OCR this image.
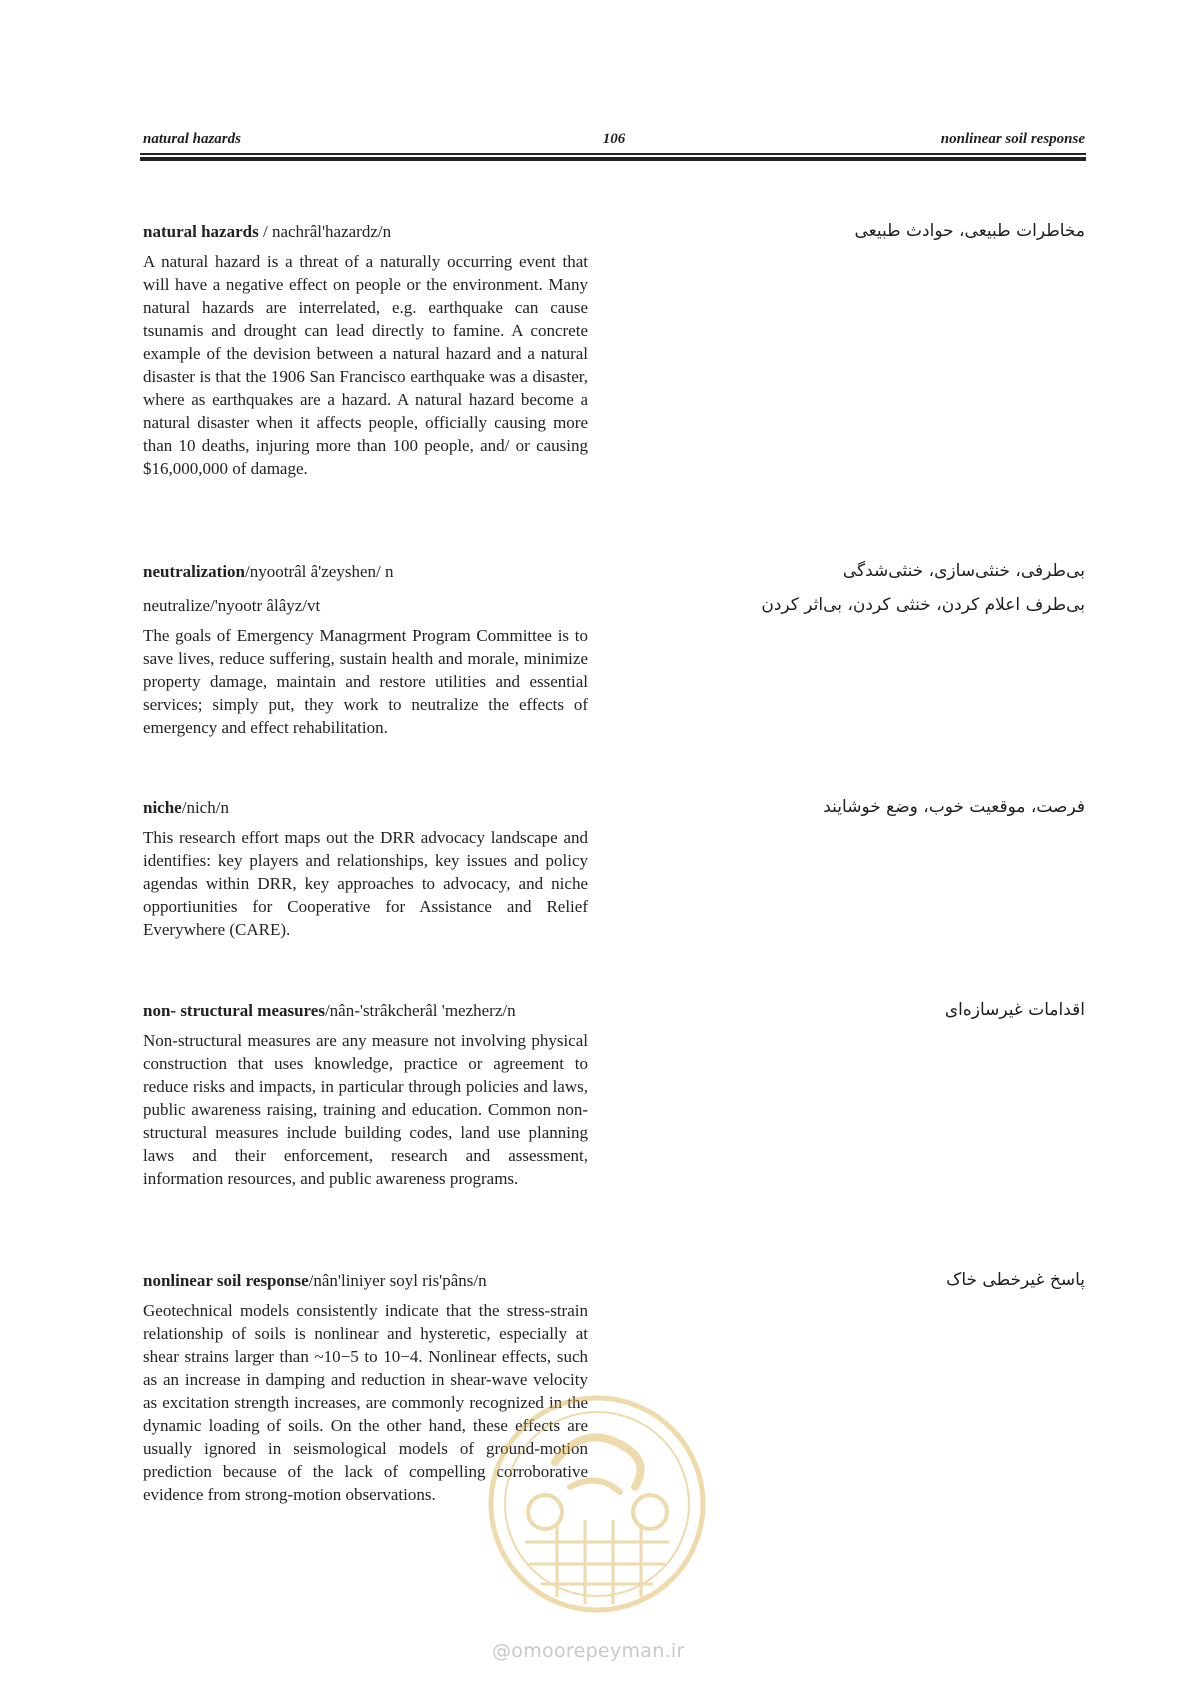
natural hazards	106	nonlinear soil response

natural hazards / nachrâl'hazardz/n

A natural hazard is a threat of a naturally occurring event that will have a negative effect on people or the environment. Many natural hazards are interrelated, e.g. earthquake can cause tsunamis and drought can lead directly to famine. A concrete example of the devision between a natural hazard and a natural disaster is that the 1906 San Francisco earthquake was a disaster, where as earthquakes are a hazard. A natural hazard become a natural disaster when it affects people, officially causing more than 10 deaths, injuring more than 100 people, and/ or causing $16,000,000 of damage.

مخاطرات طبیعی، حوادث طبیعی

neutralization/nyootrâl â'zeyshen/ n

neutralize/'nyootr âlâyz/vt

The goals of Emergency Managrment Program Committee is to save lives, reduce suffering, sustain health and morale, minimize property damage, maintain and restore utilities and essential services; simply put, they work to neutralize the effects of emergency and effect rehabilitation.

بی‌طرفی، خنثی‌سازی، خنثی‌شدگی
بی‌طرف اعلام کردن، خنثی کردن، بی‌اثر کردن

niche/nich/n

This research effort maps out the DRR advocacy landscape and identifies: key players and relationships, key issues and policy agendas within DRR, key approaches to advocacy, and niche opportiunities for Cooperative for Assistance and Relief Everywhere (CARE).

فرصت، موقعیت خوب، وضع خوشایند

non- structural measures/nân-'strâkcherâl 'mezherz/n

Non-structural measures are any measure not involving physical construction that uses knowledge, practice or agreement to reduce risks and impacts, in particular through policies and laws, public awareness raising, training and education. Common non-structural measures include building codes, land use planning laws and their enforcement, research and assessment, information resources, and public awareness programs.

اقدامات غیرسازه‌ای

nonlinear soil response/nân'liniyer soyl ris'pâns/n

Geotechnical models consistently indicate that the stress-strain relationship of soils is nonlinear and hysteretic, especially at shear strains larger than ~10−5 to 10−4. Nonlinear effects, such as an increase in damping and reduction in shear-wave velocity as excitation strength increases, are commonly recognized in the dynamic loading of soils. On the other hand, these effects are usually ignored in seismological models of ground-motion prediction because of the lack of compelling corroborative evidence from strong-motion observations.

پاسخ غیرخطی خاک
@omoorepeyman.ir
